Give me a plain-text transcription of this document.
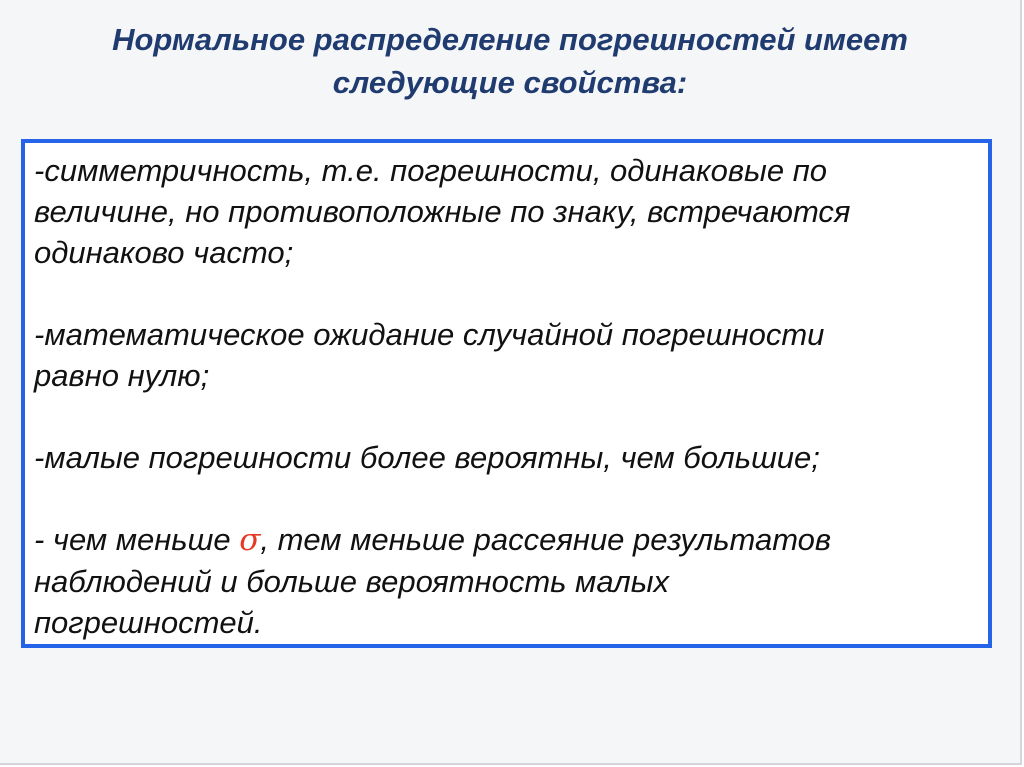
Нормальное распределение погрешностей имеет
следующие свойства:
-симметричность, т.е. погрешности, одинаковые по
величине, но противоположные по знаку, встречаются
одинаково часто;
-математическое ожидание случайной погрешности
равно нулю;
-малые погрешности более вероятны, чем большие;
- чем меньше σ, тем меньше рассеяние результатов
наблюдений и больше вероятность малых
погрешностей.
